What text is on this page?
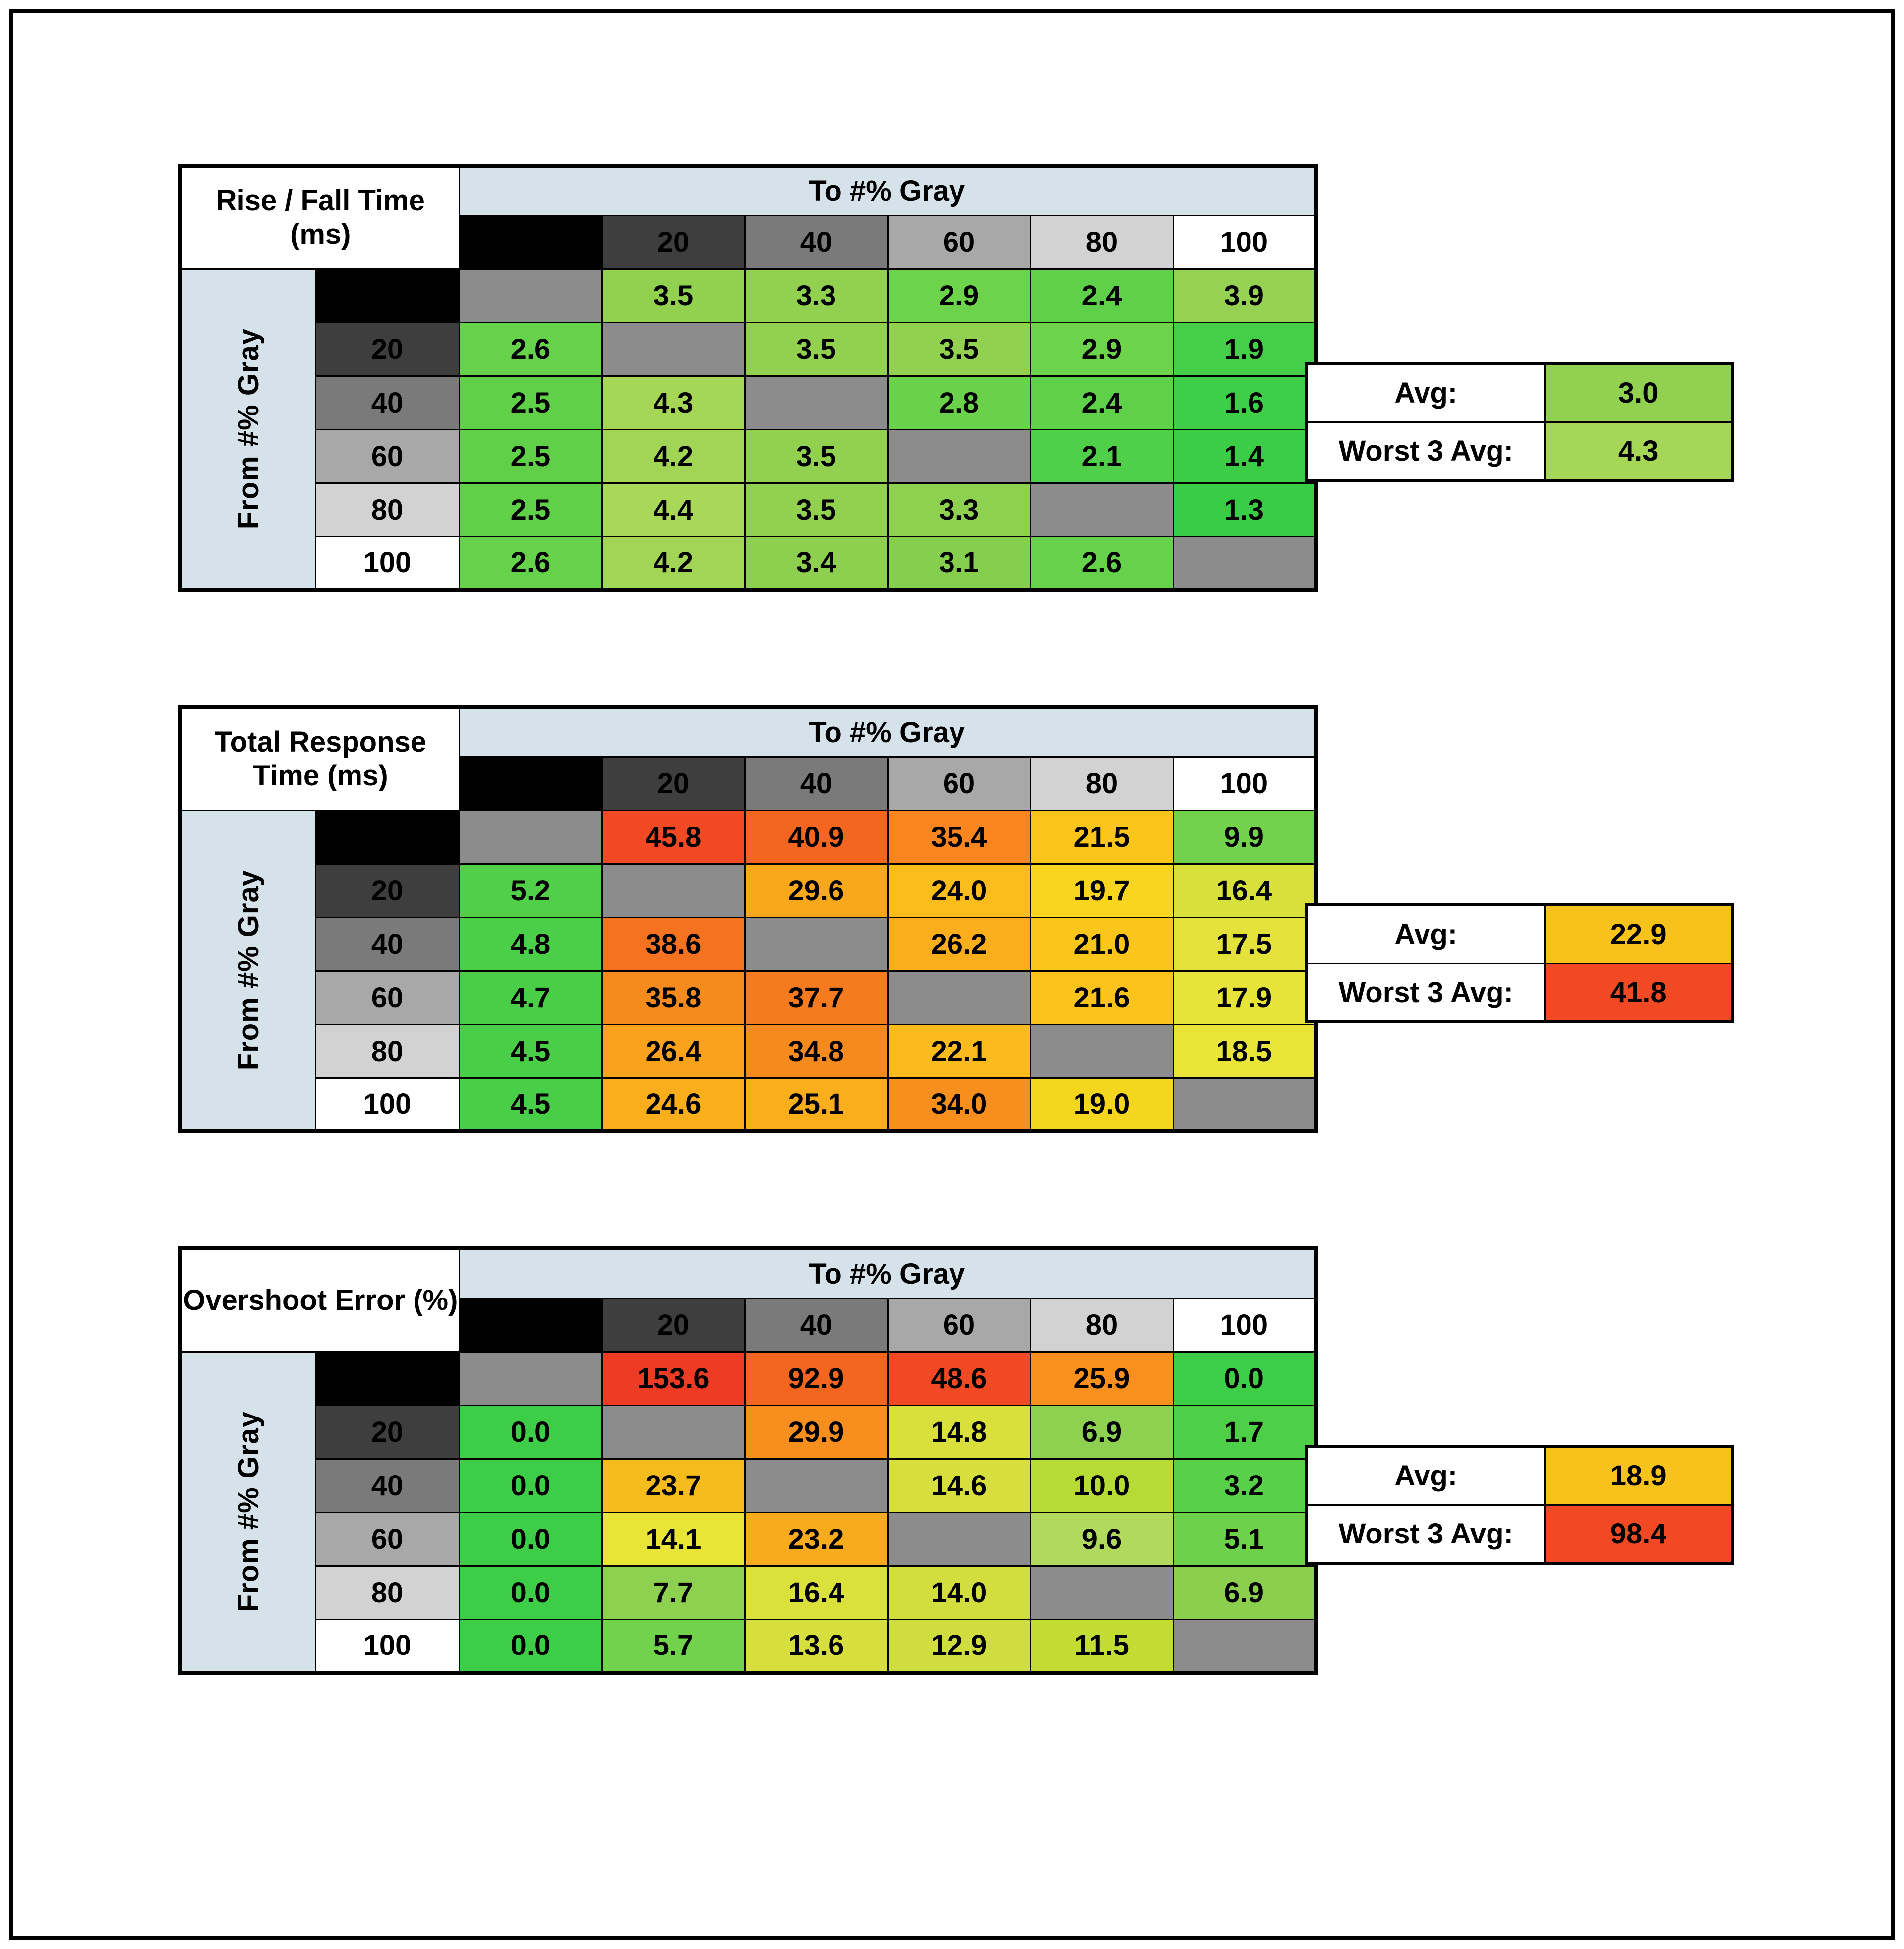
Rise / Fall Time (ms)		To #% Gray					
		0	20	40	60	80	100

From #% Gray	0		3.5	3.3	2.9	2.4	3.9
	20	2.6		3.5	3.5	2.9	1.9
	40	2.5	4.3		2.8	2.4	1.6
	60	2.5	4.2	3.5		2.1	1.4
	80	2.5	4.4	3.5	3.3		1.3
	100	2.6	4.2	3.4	3.1	2.6	
Avg:	3.0
Worst 3 Avg:	4.3
Total Response Time (ms)		To #% Gray					
		0	20	40	60	80	100

From #% Gray	0		45.8	40.9	35.4	21.5	9.9
	20	5.2		29.6	24.0	19.7	16.4
	40	4.8	38.6		26.2	21.0	17.5
	60	4.7	35.8	37.7		21.6	17.9
	80	4.5	26.4	34.8	22.1		18.5
	100	4.5	24.6	25.1	34.0	19.0	
Avg:	22.9
Worst 3 Avg:	41.8
Overshoot Error (%)		To #% Gray					
		0	20	40	60	80	100

From #% Gray	0		153.6	92.9	48.6	25.9	0.0
	20	0.0		29.9	14.8	6.9	1.7
	40	0.0	23.7		14.6	10.0	3.2
	60	0.0	14.1	23.2		9.6	5.1
	80	0.0	7.7	16.4	14.0		6.9
	100	0.0	5.7	13.6	12.9	11.5	
Avg:	18.9
Worst 3 Avg:	98.4
